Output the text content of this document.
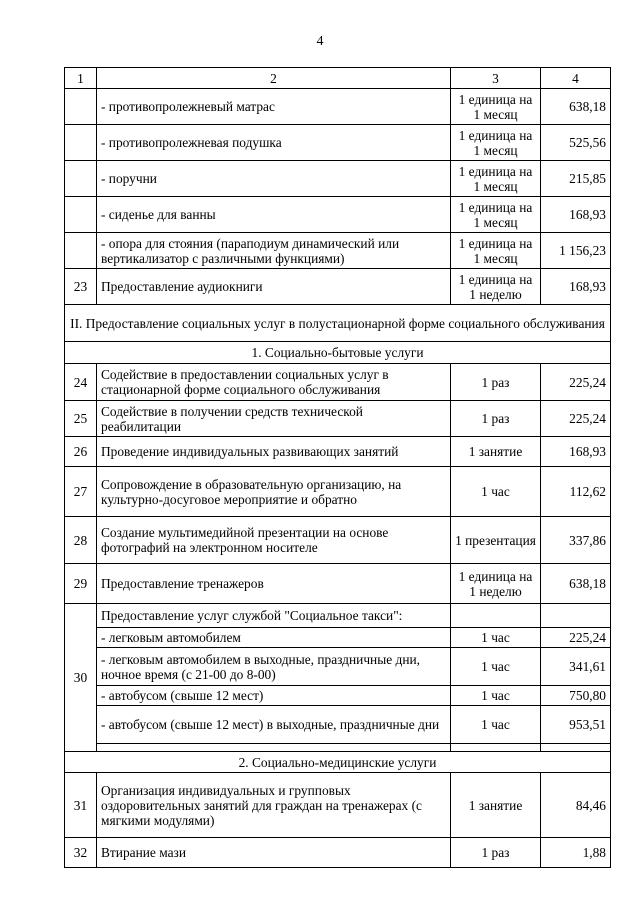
4
1	2	3	4
	- противопролежневый матрас	1 единица на 1 месяц	638,18
	- противопролежневая подушка	1 единица на 1 месяц	525,56
	- поручни	1 единица на 1 месяц	215,85
	- сиденье для ванны	1 единица на 1 месяц	168,93
	- опора для стояния (параподиум динамический или вертикализатор с различными функциями)	1 единица на 1 месяц	1 156,23
23	Предоставление аудиокниги	1 единица на 1 неделю	168,93
II. Предоставление социальных услуг в полустационарной форме социального обслуживания			
1. Социально-бытовые услуги			
24	Содействие в предоставлении социальных услуг в стационарной форме социального обслуживания	1 раз	225,24
25	Содействие в получении средств технической реабилитации	1 раз	225,24
26	Проведение индивидуальных развивающих занятий	1 занятие	168,93
27	Сопровождение в образовательную организацию, на культурно-досуговое мероприятие и обратно	1 час	112,62
28	Создание мультимедийной презентации на основе фотографий на электронном носителе	1 презентация	337,86
29	Предоставление тренажеров	1 единица на 1 неделю	638,18
30	Предоставление услуг службой "Социальное такси":		
	- легковым автомобилем	1 час	225,24
	- легковым автомобилем в выходные, праздничные дни, ночное время (с 21-00 до 8-00)	1 час	341,61
	- автобусом (свыше 12 мест)	1 час	750,80
	- автобусом (свыше 12 мест) в выходные, праздничные дни	1 час	953,51

2. Социально-медицинские услуги			
31	Организация индивидуальных и групповых оздоровительных занятий для граждан на тренажерах (с мягкими модулями)	1 занятие	84,46
32	Втирание мази	1 раз	1,88
